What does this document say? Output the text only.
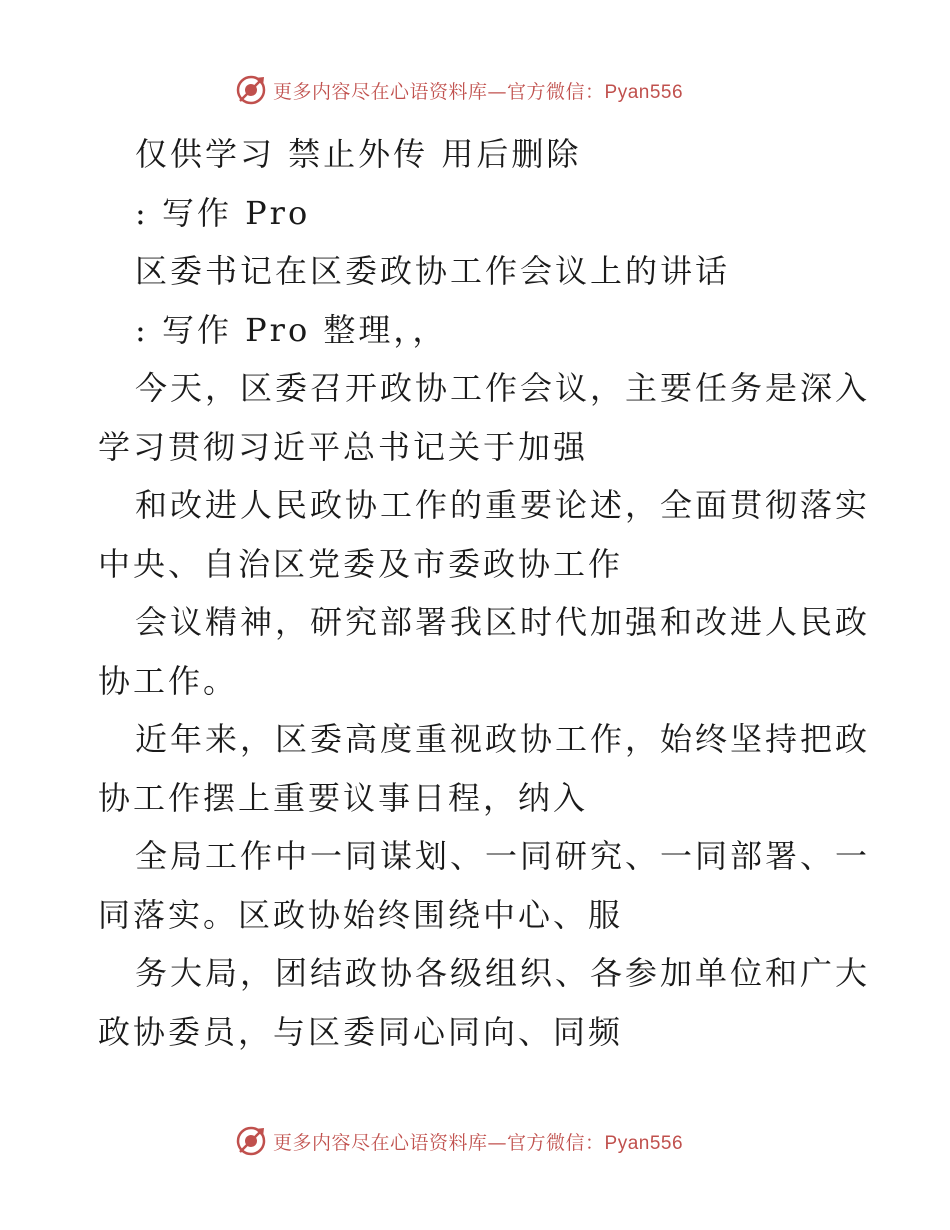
更多内容尽在心语资料库—官方微信：Pyan556
仅供学习 禁止外传 用后删除
: 写作 Pro
区委书记在区委政协工作会议上的讲话
: 写作 Pro 整理，，
今天，区委召开政协工作会议，主要任务是深入
学习贯彻习近平总书记关于加强
和改进人民政协工作的重要论述，全面贯彻落实
中央、自治区党委及市委政协工作
会议精神，研究部署我区时代加强和改进人民政
协工作。
近年来，区委高度重视政协工作，始终坚持把政
协工作摆上重要议事日程，纳入
全局工作中一同谋划、一同研究、一同部署、一
同落实。区政协始终围绕中心、服
务大局，团结政协各级组织、各参加单位和广大
政协委员，与区委同心同向、同频
更多内容尽在心语资料库—官方微信：Pyan556
